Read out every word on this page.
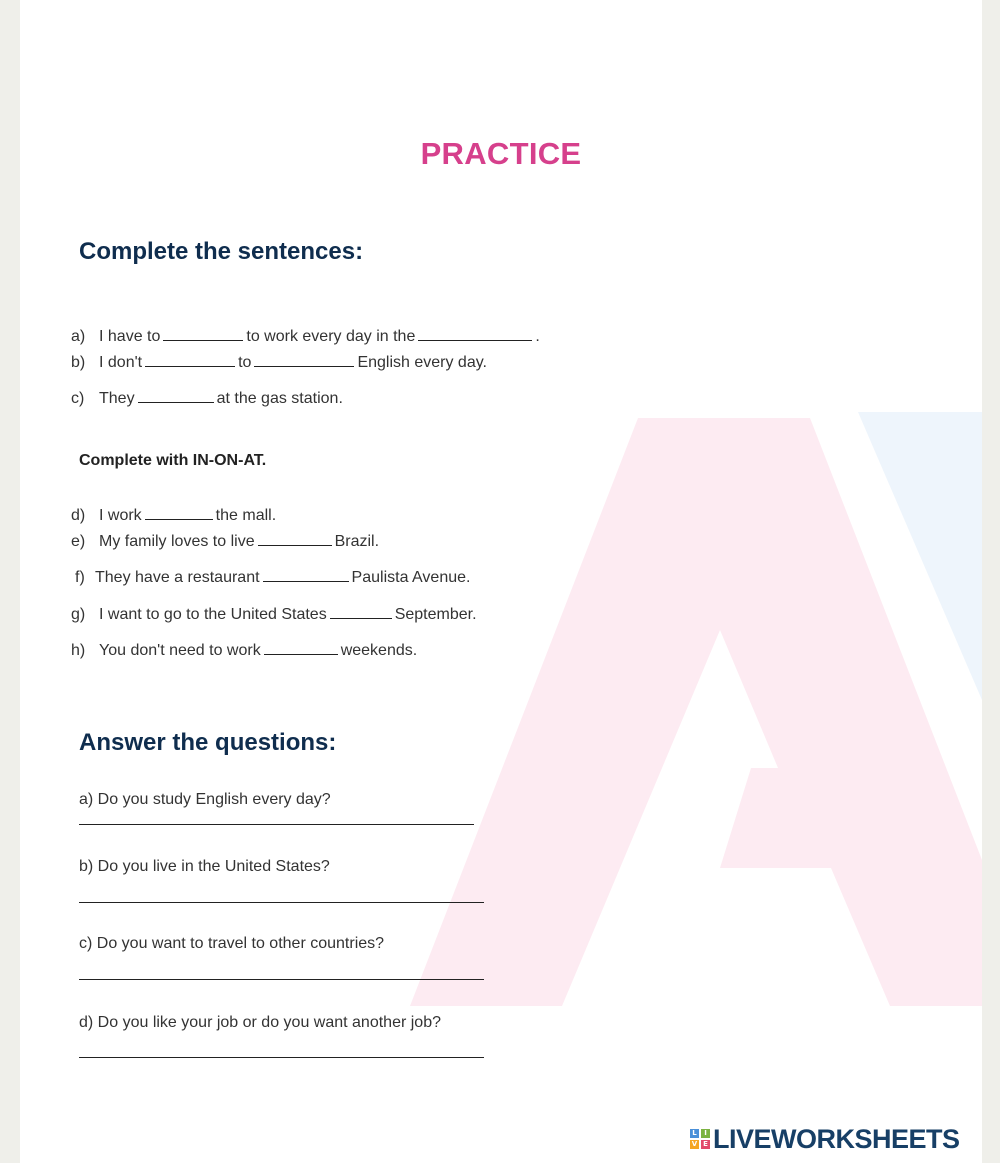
PRACTICE
Complete the sentences:
a) I have to	to work every day in the	.
b) I don't	to	English every day.
c) They	at the gas station.
Complete with IN-ON-AT.
d) I work	the mall.
e) My family loves to live	Brazil.
f) They have a restaurant	Paulista Avenue.
g) I want to go to the United States	September.
h) You don't need to work	weekends.
Answer the questions:
a) Do you study English every day?
b) Do you live in the United States?
c) Do you want to travel to other countries?
d) Do you like your job or do you want another job?
L	I
V E LIVEWORKSHEETS
